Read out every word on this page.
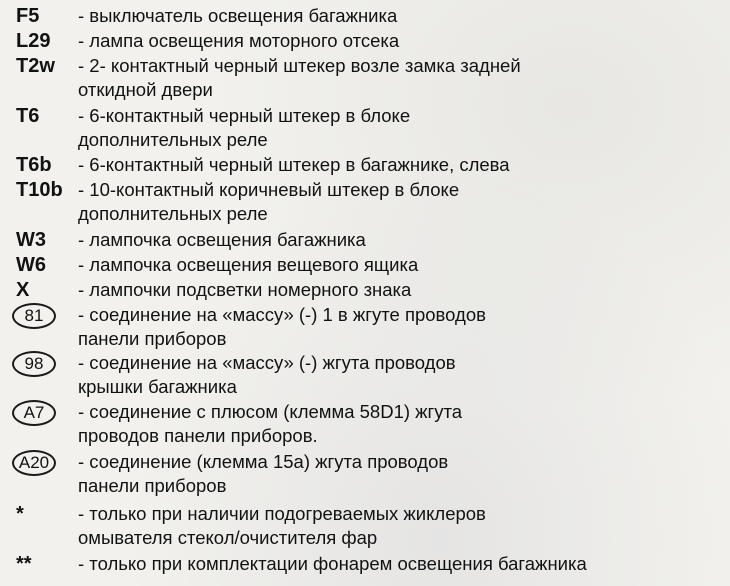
F5 - выключатель освещения багажника
L29 - лампа освещения моторного отсека
T2w - 2- контактный черный штекер возле замка задней
откидной двери
T6 - 6-контактный черный штекер в блоке
дополнительных реле
T6b - 6-контактный черный штекер в багажнике, слева
T10b - 10-контактный коричневый штекер в блоке
дополнительных реле
W3 - лампочка освещения багажника
W6 - лампочка освещения вещевого ящика
X	- лампочки подсветки номерного знака
81	- соединение на «массу» (-) 1 в жгуте проводов
панели приборов
98	- соединение на «массу» (-) жгута проводов
крышки багажника
A7	- соединение с плюсом (клемма 58D1) жгута
проводов панели приборов.
A20	- соединение (клемма 15а) жгута проводов
панели приборов
*	- только при наличии подогреваемых жиклеров
омывателя стекол/очистителя фар
**	- только при комплектации фонарем освещения багажника
